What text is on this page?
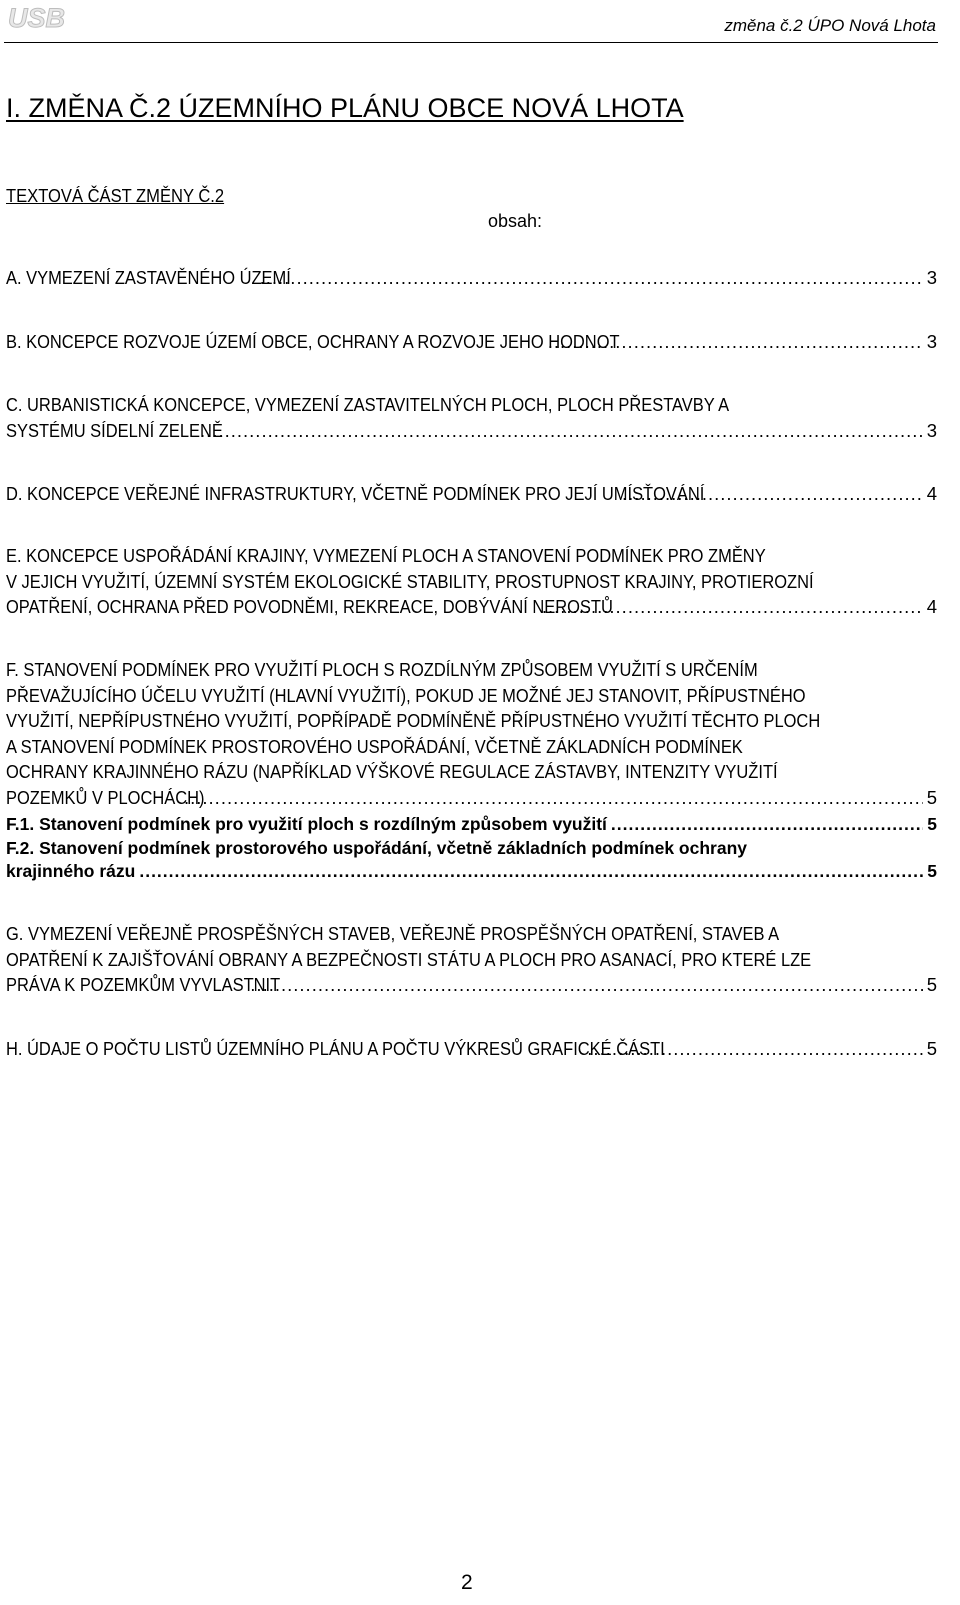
USB	změna č.2 ÚPO Nová Lhota
I. ZMĚNA Č.2 ÚZEMNÍHO PLÁNU OBCE NOVÁ LHOTA
TEXTOVÁ ČÁST ZMĚNY Č.2
obsah:
A. VYMEZENÍ ZASTAVĚNÉHO ÚZEMÍ .....	3
B. KONCEPCE ROZVOJE ÚZEMÍ OBCE, OCHRANY A ROZVOJE JEHO HODNOT .....	3
C. URBANISTICKÁ KONCEPCE, VYMEZENÍ ZASTAVITELNÝCH PLOCH, PLOCH PŘESTAVBY A
SYSTÉMU SÍDELNÍ ZELENĚ .....	3
D. KONCEPCE VEŘEJNÉ INFRASTRUKTURY, VČETNĚ PODMÍNEK PRO JEJÍ UMÍSŤOVÁNÍ .....	4
E. KONCEPCE USPOŘÁDÁNÍ KRAJINY, VYMEZENÍ PLOCH A STANOVENÍ PODMÍNEK PRO ZMĚNY
V JEJICH VYUŽITÍ, ÚZEMNÍ SYSTÉM EKOLOGICKÉ STABILITY, PROSTUPNOST KRAJINY, PROTIEROZNÍ
OPATŘENÍ, OCHRANA PŘED POVODNĚMI, REKREACE, DOBÝVÁNÍ NEROSTŮ .....	4
F. STANOVENÍ PODMÍNEK PRO VYUŽITÍ PLOCH S ROZDÍLNÝM ZPŮSOBEM VYUŽITÍ S URČENÍM
PŘEVAŽUJÍCÍHO ÚČELU VYUŽITÍ (HLAVNÍ VYUŽITÍ), POKUD JE MOŽNÉ JEJ STANOVIT, PŘÍPUSTNÉHO
VYUŽITÍ, NEPŘÍPUSTNÉHO VYUŽITÍ, POPŘÍPADĚ PODMÍNĚNĚ PŘÍPUSTNÉHO VYUŽITÍ TĚCHTO PLOCH
A STANOVENÍ PODMÍNEK PROSTOROVÉHO USPOŘÁDÁNÍ, VČETNĚ ZÁKLADNÍCH PODMÍNEK
OCHRANY KRAJINNÉHO RÁZU (NAPŘÍKLAD VÝŠKOVÉ REGULACE ZÁSTAVBY, INTENZITY VYUŽITÍ
POZEMKŮ V PLOCHÁCH) .....	5
F.1. Stanovení podmínek pro využití ploch s rozdílným způsobem využití .....	5
F.2. Stanovení podmínek prostorového uspořádání, včetně základních podmínek ochrany
krajinného rázu .....	5
G. VYMEZENÍ VEŘEJNĚ PROSPĚŠNÝCH STAVEB, VEŘEJNĚ PROSPĚŠNÝCH OPATŘENÍ, STAVEB A
OPATŘENÍ K ZAJIŠŤOVÁNÍ OBRANY A BEZPEČNOSTI STÁTU A PLOCH PRO ASANACÍ, PRO KTERÉ LZE
PRÁVA K POZEMKŮM VYVLASTNIT .....	5
H. ÚDAJE O POČTU LISTŮ ÚZEMNÍHO PLÁNU A POČTU VÝKRESŮ GRAFICKÉ ČÁSTI .....	5
2
